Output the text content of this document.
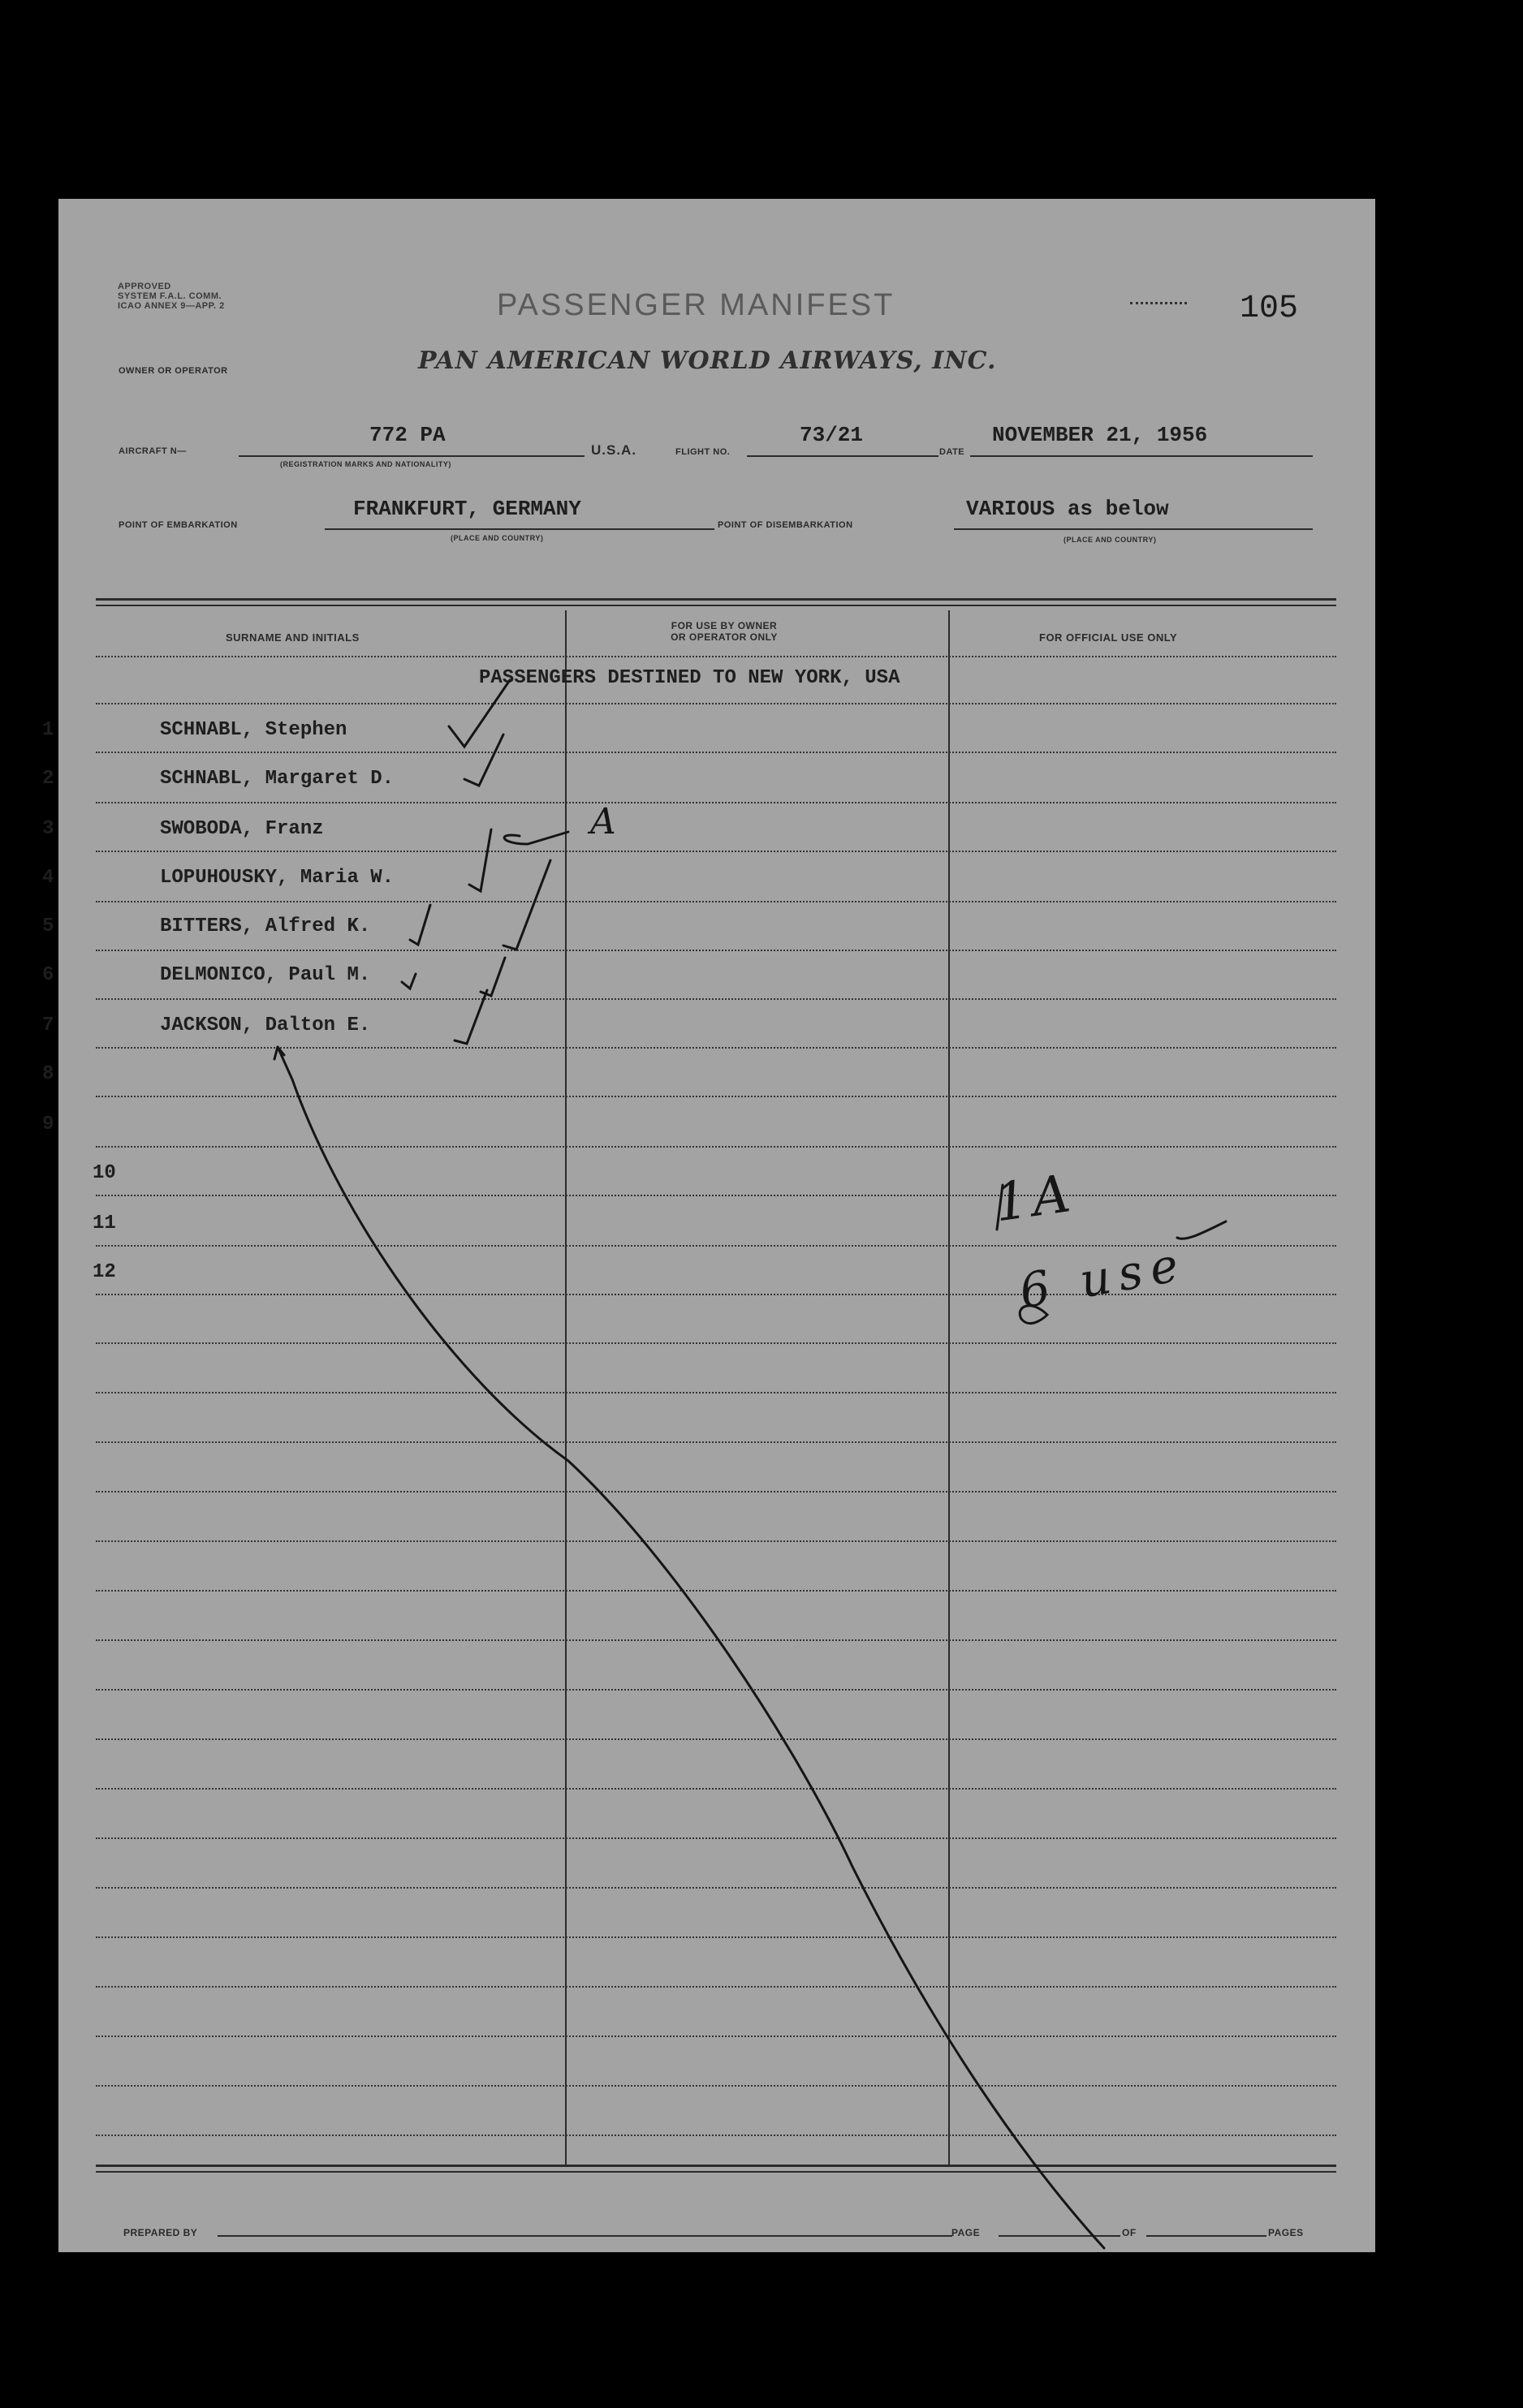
APPROVED
SYSTEM F.A.L. COMM.
ICAO ANNEX 9—APP. 2	PASSENGER MANIFEST	105
OWNER OR OPERATOR	PAN AMERICAN WORLD AIRWAYS, INC.
AIRCRAFT N—
772 PA
(REGISTRATION MARKS AND NATIONALITY)
U.S.A.	FLIGHT NO.
73/21
DATE
NOVEMBER 21, 1956
POINT OF EMBARKATION
FRANKFURT, GERMANY
(PLACE AND COUNTRY)
POINT OF DISEMBARKATION
VARIOUS as below
(PLACE AND COUNTRY)
SURNAME AND INITIALS
FOR USE BY OWNER
OR OPERATOR ONLY	FOR OFFICIAL USE ONLY
PASSENGERS DESTINED TO NEW YORK, USA
1	SCHNABL, Stephen
2	SCHNABL, Margaret D.
3	SWOBODA, Franz
4	LOPUHOUSKY, Maria W.
5	BITTERS, Alfred K.
6	DELMONICO, Paul M.
7	JACKSON, Dalton E.
8
9
10
11
12
PREPARED BY	PAGE	OF	PAGES
A
1A
6 use
